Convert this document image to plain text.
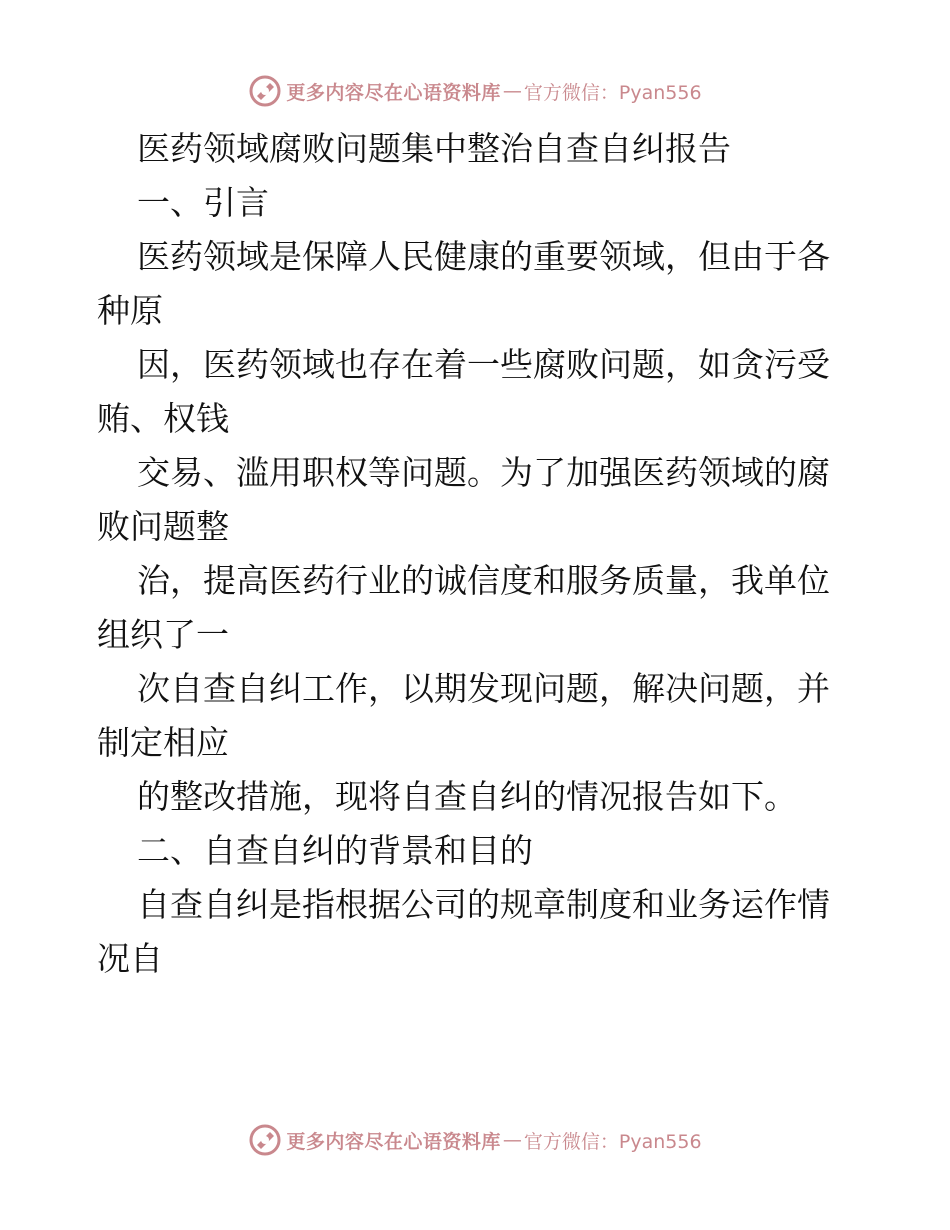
更多内容尽在心语资料库 — 官方微信：Pyan556
医药领域腐败问题集中整治自查自纠报告
一、引言
医药领域是保障人民健康的重要领域，但由于各
种原
因，医药领域也存在着一些腐败问题，如贪污受
贿、权钱
交易、滥用职权等问题。为了加强医药领域的腐
败问题整
治，提高医药行业的诚信度和服务质量，我单位
组织了一
次自查自纠工作，以期发现问题，解决问题，并
制定相应
的整改措施，现将自查自纠的情况报告如下。
二、自查自纠的背景和目的
自查自纠是指根据公司的规章制度和业务运作情
况自
更多内容尽在心语资料库 — 官方微信：Pyan556
